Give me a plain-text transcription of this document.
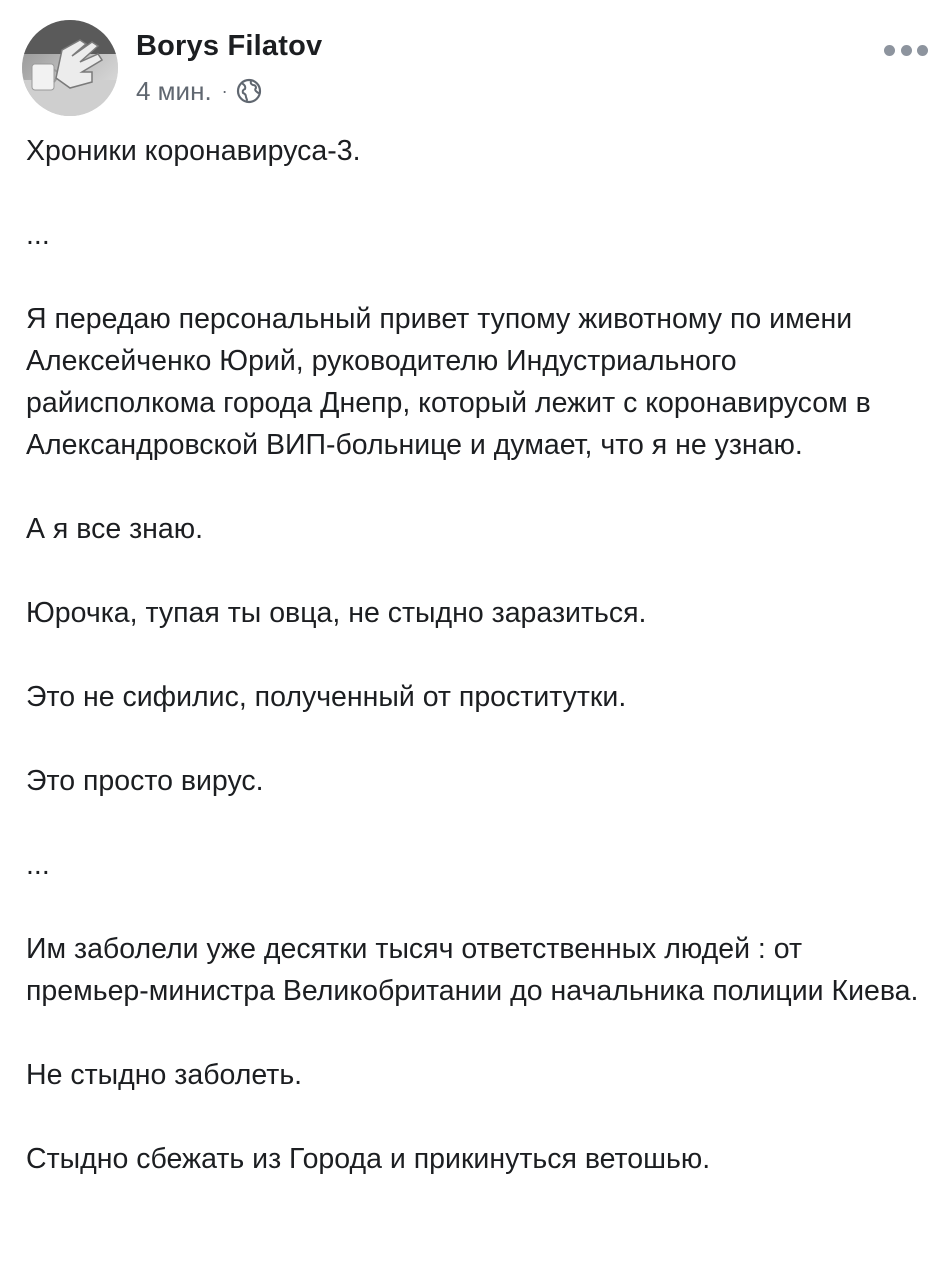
Borys Filatov
4 мин. ·

Хроники коронавируса-3.

...

Я передаю персональный привет тупому животному по имени Алексейченко Юрий, руководителю Индустриального райисполкома города Днепр, который лежит с коронавирусом в Александровской ВИП-больнице и думает, что я не узнаю.

А я все знаю.

Юрочка, тупая ты овца, не стыдно заразиться.

Это не сифилис, полученный от проститутки.

Это просто вирус.

...

Им заболели уже десятки тысяч ответственных людей : от премьер-министра Великобритании до начальника полиции Киева.

Не стыдно заболеть.

Стыдно сбежать из Города и прикинуться ветошью.
